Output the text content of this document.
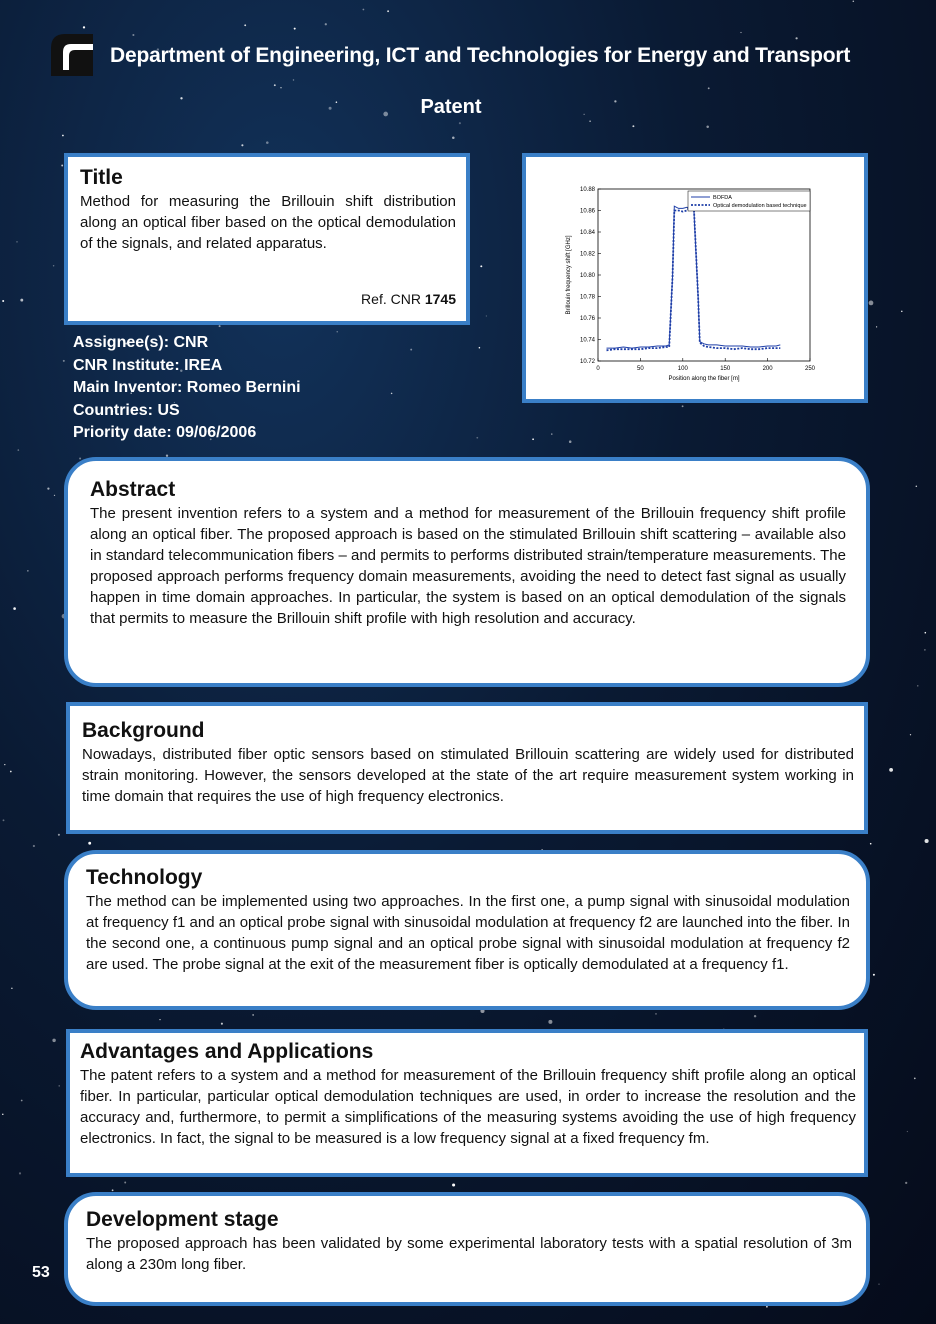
Department of Engineering, ICT and Technologies for Energy and Transport
Patent
Title

Method for measuring the Brillouin shift distribution along an optical fiber based on the optical demodulation of the signals, and related apparatus.

Ref. CNR 1745
0	50	100	150	200	250
10.72
10.74
10.76
10.78
10.80
10.82
10.84
10.86
10.88
Position along the fiber [m]
Brillouin frequency shift [GHz]
BOFDA
Optical demodulation based technique
Assignee(s): CNR
CNR Institute: IREA
Main Inventor: Romeo Bernini
Countries: US
Priority date: 09/06/2006
Abstract

The present invention refers to a system and a method for measurement of the Brillouin frequency shift profile along an optical fiber. The proposed approach is based on the stimulated Brillouin shift scattering – available also in standard telecommunication fibers – and permits to performs distributed strain/temperature measurements. The proposed approach performs frequency domain measurements, avoiding the need to detect fast signal as usually happen in time domain approaches. In particular, the system is based on an optical demodulation of the signals that permits to measure the Brillouin shift profile with high resolution and accuracy.

Background

Nowadays, distributed fiber optic sensors based on stimulated Brillouin scattering are widely used for distributed strain monitoring. However, the sensors developed at the state of the art require measurement system working in time domain that requires the use of high frequency electronics.

Technology

The method can be implemented using two approaches. In the first one, a pump signal with sinusoidal modulation at frequency f1 and an optical probe signal with sinusoidal modulation at frequency f2 are launched into the fiber. In the second one, a continuous pump signal and an optical probe signal with sinusoidal modulation at frequency f2 are used. The probe signal at the exit of the measurement fiber is optically demodulated at a frequency f1.

Advantages and Applications

The patent refers to a system and a method for measurement of the Brillouin frequency shift profile along an optical fiber. In particular, particular optical demodulation techniques are used, in order to increase the resolution and the accuracy and, furthermore, to permit a simplifications of the measuring systems avoiding the use of high frequency electronics. In fact, the signal to be measured is a low frequency signal at a fixed frequency fm.

Development stage

The proposed approach has been validated by some experimental laboratory tests with a spatial resolution of 3m along a 230m long fiber.

53
